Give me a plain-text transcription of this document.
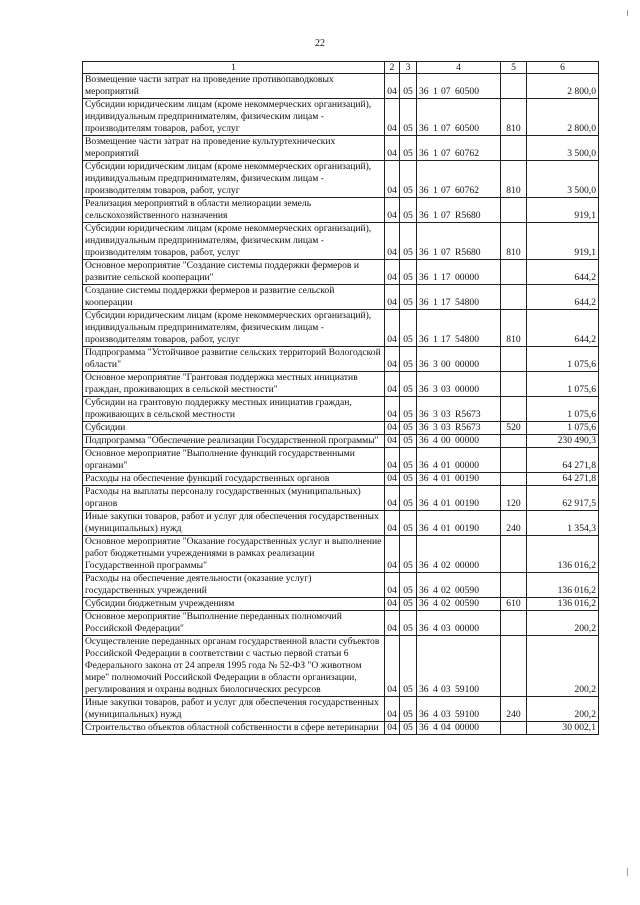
22
1	2	3	4	5	6
Возмещение части затрат на проведение противопаводковых мероприятий	04	05	36 1 07 60500		2 800,0
Субсидии юридическим лицам (кроме некоммерческих организаций), индивидуальным предпринимателям, физическим лицам - производителям товаров, работ, услуг	04	05	36 1 07 60500	810	2 800,0
Возмещение части затрат на проведение культуртехнических мероприятий	04	05	36 1 07 60762		3 500,0
Субсидии юридическим лицам (кроме некоммерческих организаций), индивидуальным предпринимателям, физическим лицам - производителям товаров, работ, услуг	04	05	36 1 07 60762	810	3 500,0
Реализация мероприятий в области мелиорации земель сельскохозяйственного назначения	04	05	36 1 07 R5680		919,1
Субсидии юридическим лицам (кроме некоммерческих организаций), индивидуальным предпринимателям, физическим лицам - производителям товаров, работ, услуг	04	05	36 1 07 R5680	810	919,1
Основное мероприятие "Создание системы поддержки фермеров и развитие сельской кооперации"	04	05	36 1 17 00000		644,2
Создание системы поддержки фермеров и развитие сельской кооперации	04	05	36 1 17 54800		644,2
Субсидии юридическим лицам (кроме некоммерческих организаций), индивидуальным предпринимателям, физическим лицам - производителям товаров, работ, услуг	04	05	36 1 17 54800	810	644,2
Подпрограмма "Устойчивое развитие сельских территорий Вологодской области"	04	05	36 3 00 00000		1 075,6
Основное мероприятие "Грантовая поддержка местных инициатив граждан, проживающих в сельской местности"	04	05	36 3 03 00000		1 075,6
Субсидии на грантовую поддержку местных инициатив граждан, проживающих в сельской местности	04	05	36 3 03 R5673		1 075,6
Субсидии	04	05	36 3 03 R5673	520	1 075,6
Подпрограмма "Обеспечение реализации Государственной программы"	04	05	36 4 00 00000		230 490,3
Основное мероприятие "Выполнение функций государственными органами"	04	05	36 4 01 00000		64 271,8
Расходы на обеспечение функций государственных органов	04	05	36 4 01 00190		64 271,8
Расходы на выплаты персоналу государственных (муниципальных) органов	04	05	36 4 01 00190	120	62 917,5
Иные закупки товаров, работ и услуг для обеспечения государственных (муниципальных) нужд	04	05	36 4 01 00190	240	1 354,3
Основное мероприятие "Оказание государственных услуг и выполнение работ бюджетными учреждениями в рамках реализации Государственной программы"	04	05	36 4 02 00000		136 016,2
Расходы на обеспечение деятельности (оказание услуг) государственных учреждений	04	05	36 4 02 00590		136 016,2
Субсидии бюджетным учреждениям	04	05	36 4 02 00590	610	136 016,2
Основное мероприятие "Выполнение переданных полномочий Российской Федерации"	04	05	36 4 03 00000		200,2
Осуществление переданных органам государственной власти субъектов Российской Федерации в соответствии с частью первой статьи 6 Федерального закона от 24 апреля 1995 года № 52-ФЗ "О животном мире" полномочий Российской Федерации в области организации, регулирования и охраны водных биологических ресурсов	04	05	36 4 03 59100		200,2
Иные закупки товаров, работ и услуг для обеспечения государственных (муниципальных) нужд	04	05	36 4 03 59100	240	200,2
Строительство объектов областной собственности в сфере ветеринарии	04	05	36 4 04 00000		30 002,1
